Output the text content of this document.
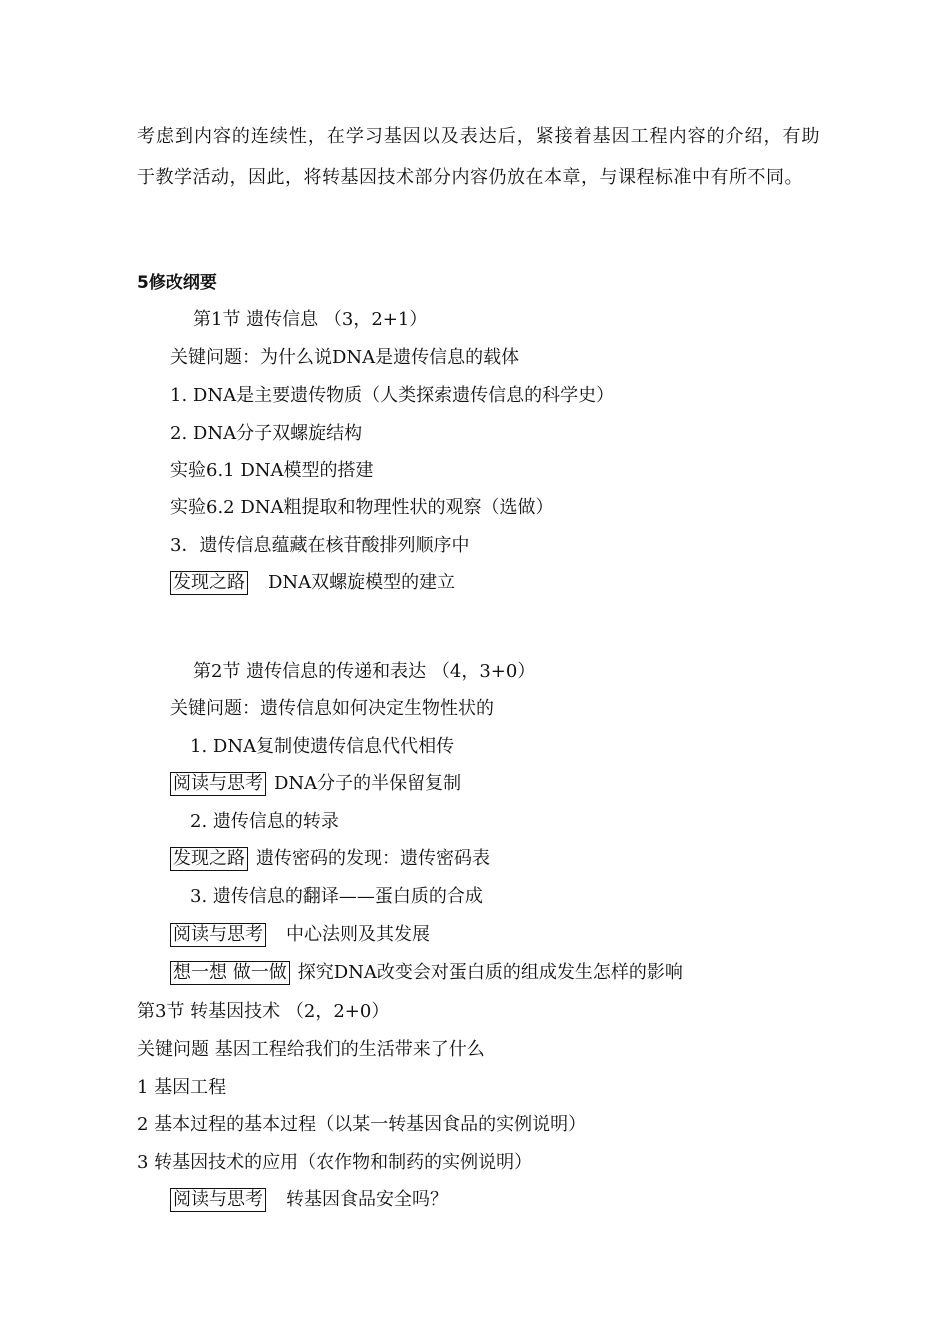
考虑到内容的连续性，在学习基因以及表达后，紧接着基因工程内容的介绍，有助于教学活动，因此，将转基因技术部分内容仍放在本章，与课程标准中有所不同。
5修改纲要
第1节 遗传信息 （3，2+1）
关键问题：为什么说DNA是遗传信息的载体
1. DNA是主要遗传物质（人类探索遗传信息的科学史）
2. DNA分子双螺旋结构
实验6.1 DNA模型的搭建
实验6.2 DNA粗提取和物理性状的观察（选做）
3．遗传信息蕴藏在核苷酸排列顺序中
发现之路 DNA双螺旋模型的建立
第2节 遗传信息的传递和表达 （4，3+0）
关键问题：遗传信息如何决定生物性状的
1. DNA复制使遗传信息代代相传
阅读与思考 DNA分子的半保留复制
2. 遗传信息的转录
发现之路 遗传密码的发现：遗传密码表
3. 遗传信息的翻译——蛋白质的合成
阅读与思考 中心法则及其发展
想一想 做一做 探究DNA改变会对蛋白质的组成发生怎样的影响
第3节 转基因技术 （2，2+0）
关键问题 基因工程给我们的生活带来了什么
1 基因工程
2 基本过程的基本过程（以某一转基因食品的实例说明）
3 转基因技术的应用（农作物和制药的实例说明）
阅读与思考 转基因食品安全吗？
